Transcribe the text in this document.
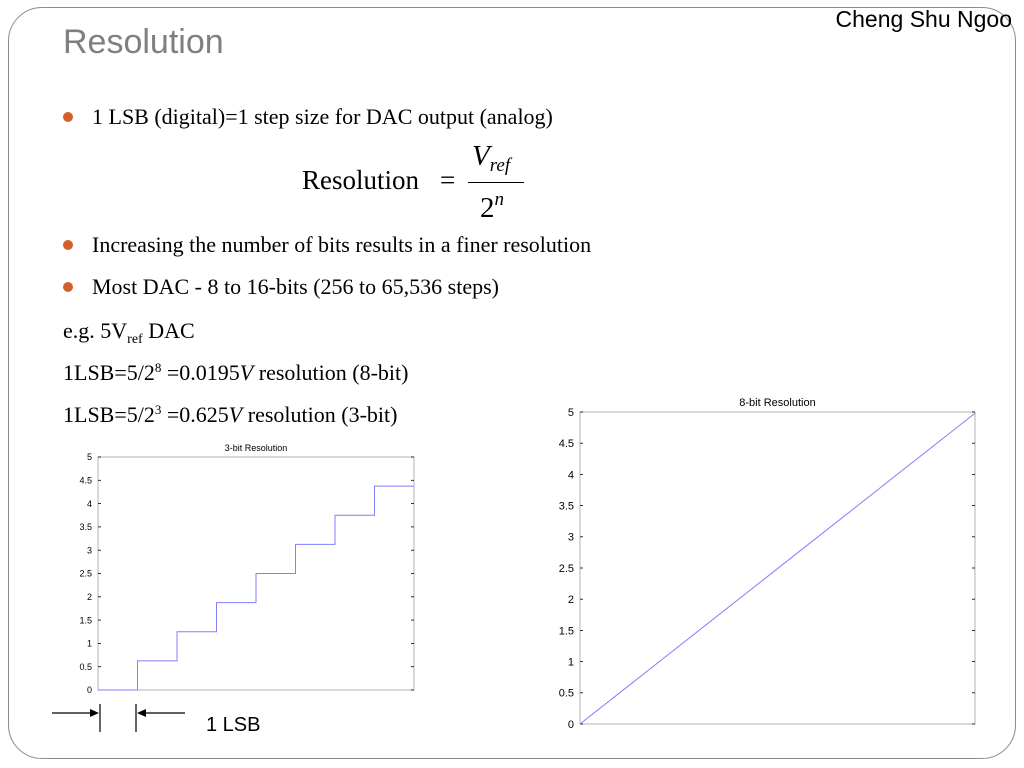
Cheng Shu Ngoo
Resolution
1 LSB (digital)=1 step size for DAC output (analog)
Resolution =
$V_{ref}$
2$^n$
Increasing the number of bits results in a finer resolution
Most DAC - 8 to 16-bits (256 to 65,536 steps)
e.g. $5V_{ref}$ DAC
$1LSB=5/2^8 =0.0195V$ resolution (8-bit)
$1LSB=5/2^3 =0.625V$ resolution (3-bit)
3-bit Resolution
0
0.5
1
1.5
2
2.5
3
3.5
4
4.5
5
8-bit Resolution
0
0.5
1
1.5
2
2.5
3
3.5
4
4.5
5
1 LSB
